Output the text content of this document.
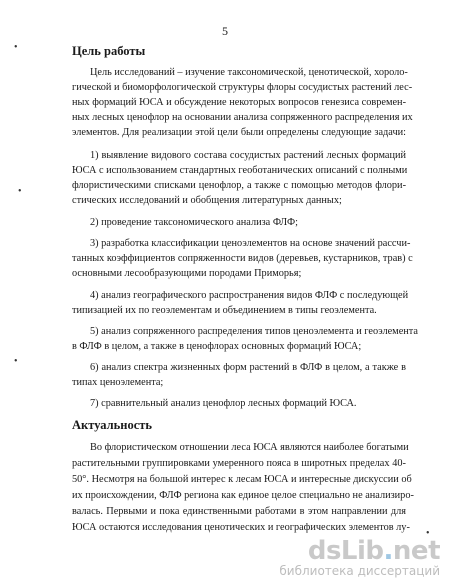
5
•
•
•
•
Цель работы
Цель исследований – изучение таксономической, ценотической, хороло-
гической и биоморфологической структуры флоры сосудистых растений лес-
ных формаций ЮСА и обсуждение некоторых вопросов генезиса современ-
ных лесных ценофлор на основании анализа сопряженного распределения их
элементов. Для реализации этой цели были определены следующие задачи:
1) выявление видового состава сосудистых растений лесных формаций
ЮСА с использованием стандартных геоботанических описаний с полными
флористическими списками ценофлор, а также с помощью методов флори-
стических исследований и обобщения литературных данных;
2) проведение таксономического анализа ФЛФ;
3) разработка классификации ценоэлементов на основе значений рассчи-
танных коэффициентов сопряженности видов (деревьев, кустарников, трав) с
основными лесообразующими породами Приморья;
4) анализ географического распространения видов ФЛФ с последующей
типизацией их по геоэлементам и объединением в типы геоэлемента.
5) анализ сопряженного распределения типов ценоэлемента и геоэлемента
в ФЛФ в целом, а также в ценофлорах основных формаций ЮСА;
6) анализ спектра жизненных форм растений в ФЛФ в целом, а также в
типах ценоэлемента;
7) сравнительный анализ ценофлор лесных формаций ЮСА.
Актуальность
Во флористическом отношении леса ЮСА являются наиболее богатыми
растительными группировками умеренного пояса в широтных пределах 40-
50°. Несмотря на большой интерес к лесам ЮСА и интересные дискуссии об
их происхождении, ФЛФ региона как единое целое специально не анализиро-
валась. Первыми и пока единственными работами в этом направлении для
ЮСА остаются исследования ценотических и географических элементов лу-
dsLib.net
библиотека диссертаций
